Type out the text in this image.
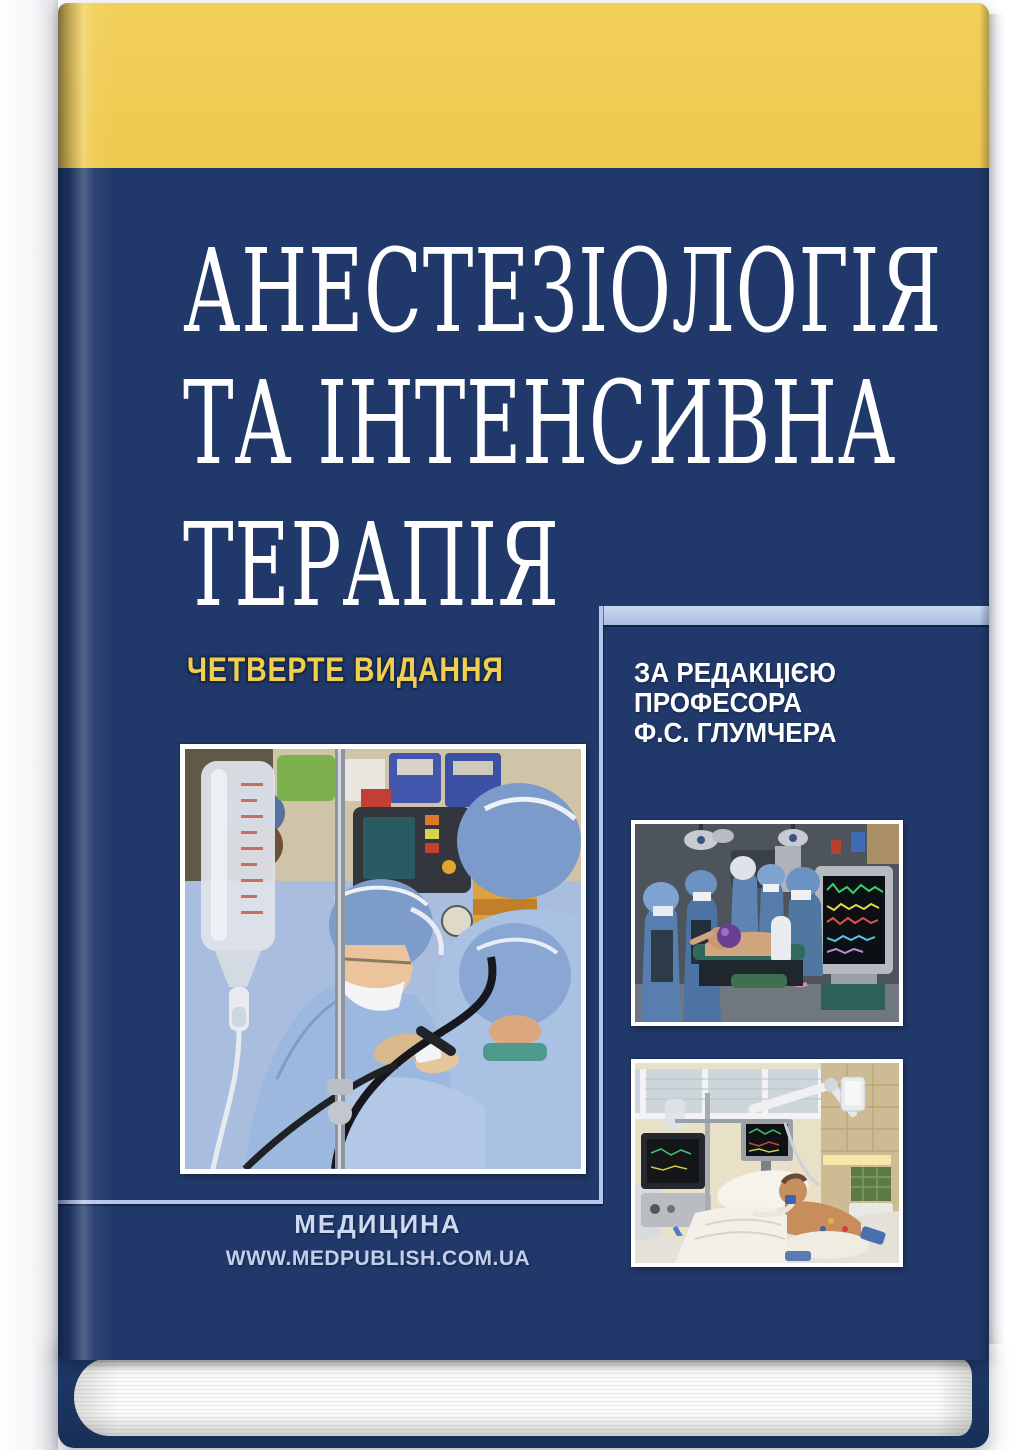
АНЕСТЕЗІОЛОГІЯ
ТА ІНТЕНСИВНА
ТЕРАПІЯ
ЧЕТВЕРТЕ ВИДАННЯ	ЗА РЕДАКЦІЄЮ
ПРОФЕСОРА
Ф.С. ГЛУМЧЕРА
МЕДИЦИНА
WWW.MEDPUBLISH.COM.UA
